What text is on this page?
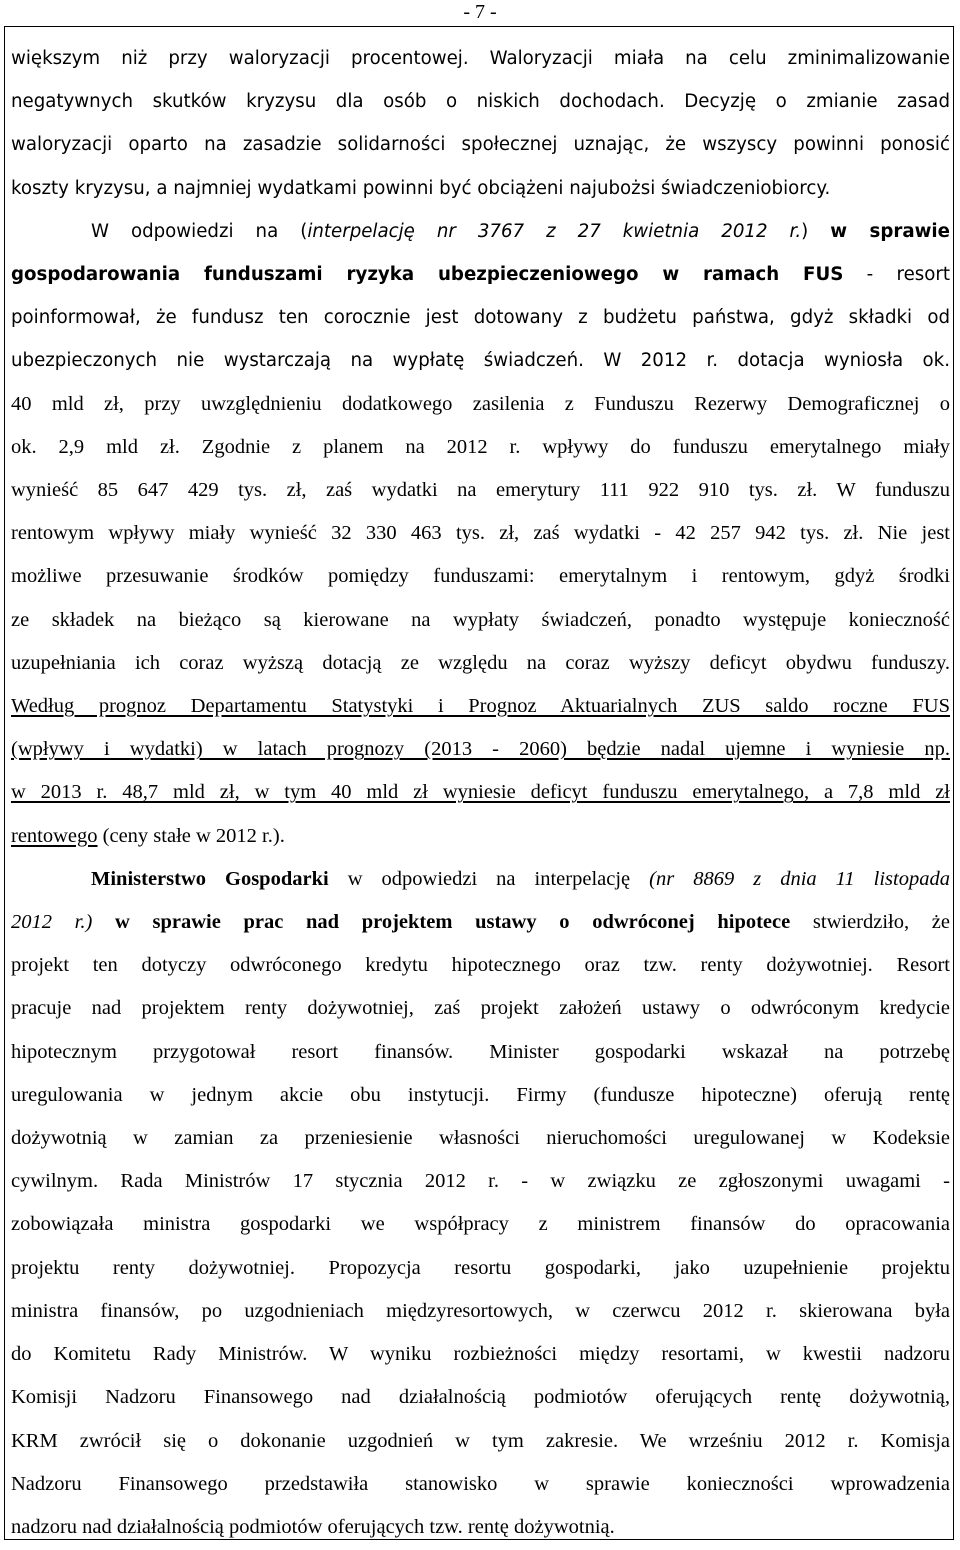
- 7 -
większym niż przy waloryzacji procentowej. Waloryzacji miała na celu zminimalizowanie
negatywnych skutków kryzysu dla osób o niskich dochodach. Decyzję o zmianie zasad
waloryzacji oparto na zasadzie solidarności społecznej uznając, że wszyscy powinni ponosić
koszty kryzysu, a najmniej wydatkami powinni być obciążeni najubożsi świadczeniobiorcy.
W odpowiedzi na (interpelację nr 3767 z 27 kwietnia 2012 r.) w sprawie
gospodarowania funduszami ryzyka ubezpieczeniowego w ramach FUS - resort
poinformował, że fundusz ten corocznie jest dotowany z budżetu państwa, gdyż składki od
ubezpieczonych nie wystarczają na wypłatę świadczeń. W 2012 r. dotacja wyniosła ok.
40 mld zł, przy uwzględnieniu dodatkowego zasilenia z Funduszu Rezerwy Demograficznej o
ok. 2,9 mld zł. Zgodnie z planem na 2012 r. wpływy do funduszu emerytalnego miały
wynieść 85 647 429 tys. zł, zaś wydatki na emerytury 111 922 910 tys. zł. W funduszu
rentowym wpływy miały wynieść 32 330 463 tys. zł, zaś wydatki - 42 257 942 tys. zł. Nie jest
możliwe przesuwanie środków pomiędzy funduszami: emerytalnym i rentowym, gdyż środki
ze składek na bieżąco są kierowane na wypłaty świadczeń, ponadto występuje konieczność
uzupełniania ich coraz wyższą dotacją ze względu na coraz wyższy deficyt obydwu funduszy.
Według prognoz Departamentu Statystyki i Prognoz Aktuarialnych ZUS saldo roczne FUS
(wpływy i wydatki) w latach prognozy (2013 - 2060) będzie nadal ujemne i wyniesie np.
w 2013 r. 48,7 mld zł, w tym 40 mld zł wyniesie deficyt funduszu emerytalnego, a 7,8 mld zł
rentowego (ceny stałe w 2012 r.).
Ministerstwo Gospodarki w odpowiedzi na interpelację (nr 8869 z dnia 11 listopada
2012 r.) w sprawie prac nad projektem ustawy o odwróconej hipotece stwierdziło, że
projekt ten dotyczy odwróconego kredytu hipotecznego oraz tzw. renty dożywotniej. Resort
pracuje nad projektem renty dożywotniej, zaś projekt założeń ustawy o odwróconym kredycie
hipotecznym przygotował resort finansów. Minister gospodarki wskazał na potrzebę
uregulowania w jednym akcie obu instytucji. Firmy (fundusze hipoteczne) oferują rentę
dożywotnią w zamian za przeniesienie własności nieruchomości uregulowanej w Kodeksie
cywilnym. Rada Ministrów 17 stycznia 2012 r. - w związku ze zgłoszonymi uwagami -
zobowiązała ministra gospodarki we współpracy z ministrem finansów do opracowania
projektu renty dożywotniej. Propozycja resortu gospodarki, jako uzupełnienie projektu
ministra finansów, po uzgodnieniach międzyresortowych, w czerwcu 2012 r. skierowana była
do Komitetu Rady Ministrów. W wyniku rozbieżności między resortami, w kwestii nadzoru
Komisji Nadzoru Finansowego nad działalnością podmiotów oferujących rentę dożywotnią,
KRM zwrócił się o dokonanie uzgodnień w tym zakresie. We wrześniu 2012 r. Komisja
Nadzoru Finansowego przedstawiła stanowisko w sprawie konieczności wprowadzenia
nadzoru nad działalnością podmiotów oferujących tzw. rentę dożywotnią.
